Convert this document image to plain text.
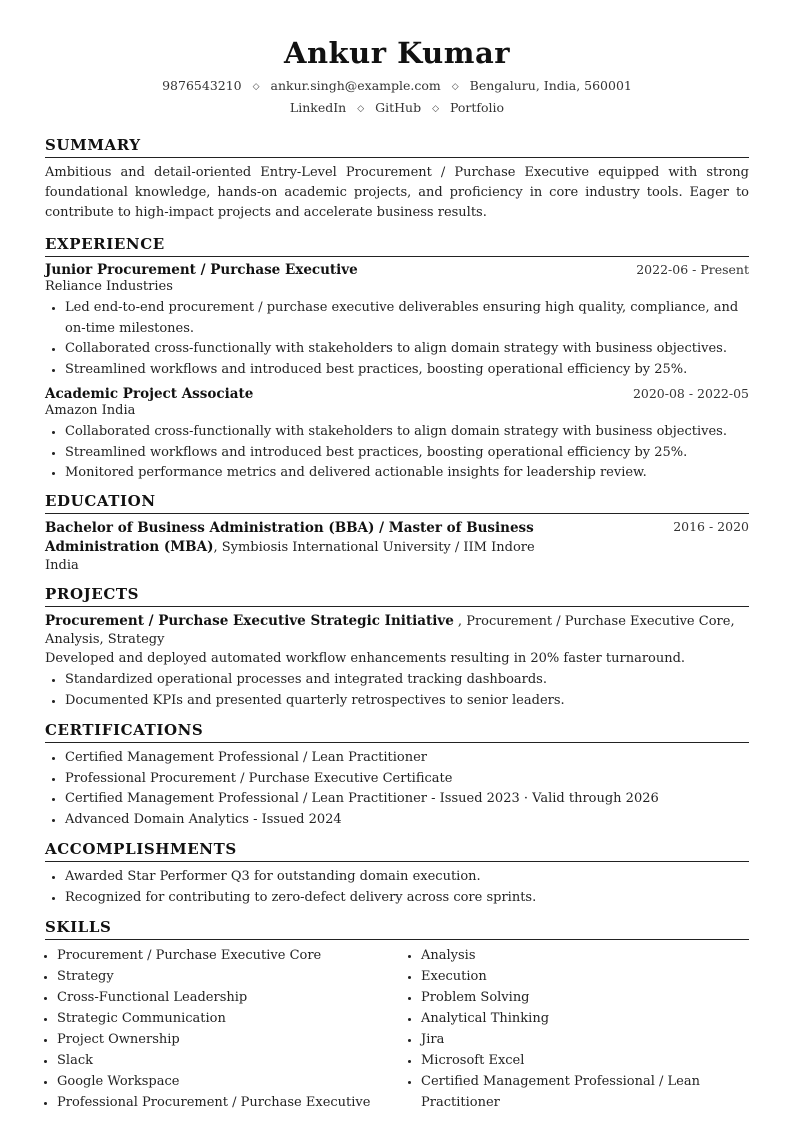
Ankur Kumar
9876543210 ◇ ankur.singh@example.com ◇ Bengaluru, India, 560001
LinkedIn ◇ GitHub ◇ Portfolio
SUMMARY
Ambitious and detail-oriented Entry-Level Procurement / Purchase Executive equipped with strong foundational knowledge, hands-on academic projects, and proficiency in core industry tools. Eager to contribute to high-impact projects and accelerate business results.
EXPERIENCE
Junior Procurement / Purchase Executive	2022-06 - Present
Reliance Industries
• Led end-to-end procurement / purchase executive deliverables ensuring high quality, compliance, and on-time milestones.
• Collaborated cross-functionally with stakeholders to align domain strategy with business objectives.
• Streamlined workflows and introduced best practices, boosting operational efficiency by 25%.
Academic Project Associate	2020-08 - 2022-05
Amazon India
• Collaborated cross-functionally with stakeholders to align domain strategy with business objectives.
• Streamlined workflows and introduced best practices, boosting operational efficiency by 25%.
• Monitored performance metrics and delivered actionable insights for leadership review.
EDUCATION
Bachelor of Business Administration (BBA) / Master of Business Administration (MBA), Symbiosis International University / IIM Indore
India
2016 - 2020
PROJECTS
Procurement / Purchase Executive Strategic Initiative , Procurement / Purchase Executive Core, Analysis, Strategy
Developed and deployed automated workflow enhancements resulting in 20% faster turnaround.
• Standardized operational processes and integrated tracking dashboards.
• Documented KPIs and presented quarterly retrospectives to senior leaders.
CERTIFICATIONS
• Certified Management Professional / Lean Practitioner
• Professional Procurement / Purchase Executive Certificate
• Certified Management Professional / Lean Practitioner - Issued 2023 · Valid through 2026
• Advanced Domain Analytics - Issued 2024
ACCOMPLISHMENTS
• Awarded Star Performer Q3 for outstanding domain execution.
• Recognized for contributing to zero-defect delivery across core sprints.
SKILLS
• Procurement / Purchase Executive Core
• Strategy
• Cross-Functional Leadership
• Strategic Communication
• Project Ownership
• Slack
• Google Workspace
• Professional Procurement / Purchase Executive
• Analysis
• Execution
• Problem Solving
• Analytical Thinking
• Jira
• Microsoft Excel
• Certified Management Professional / Lean Practitioner
